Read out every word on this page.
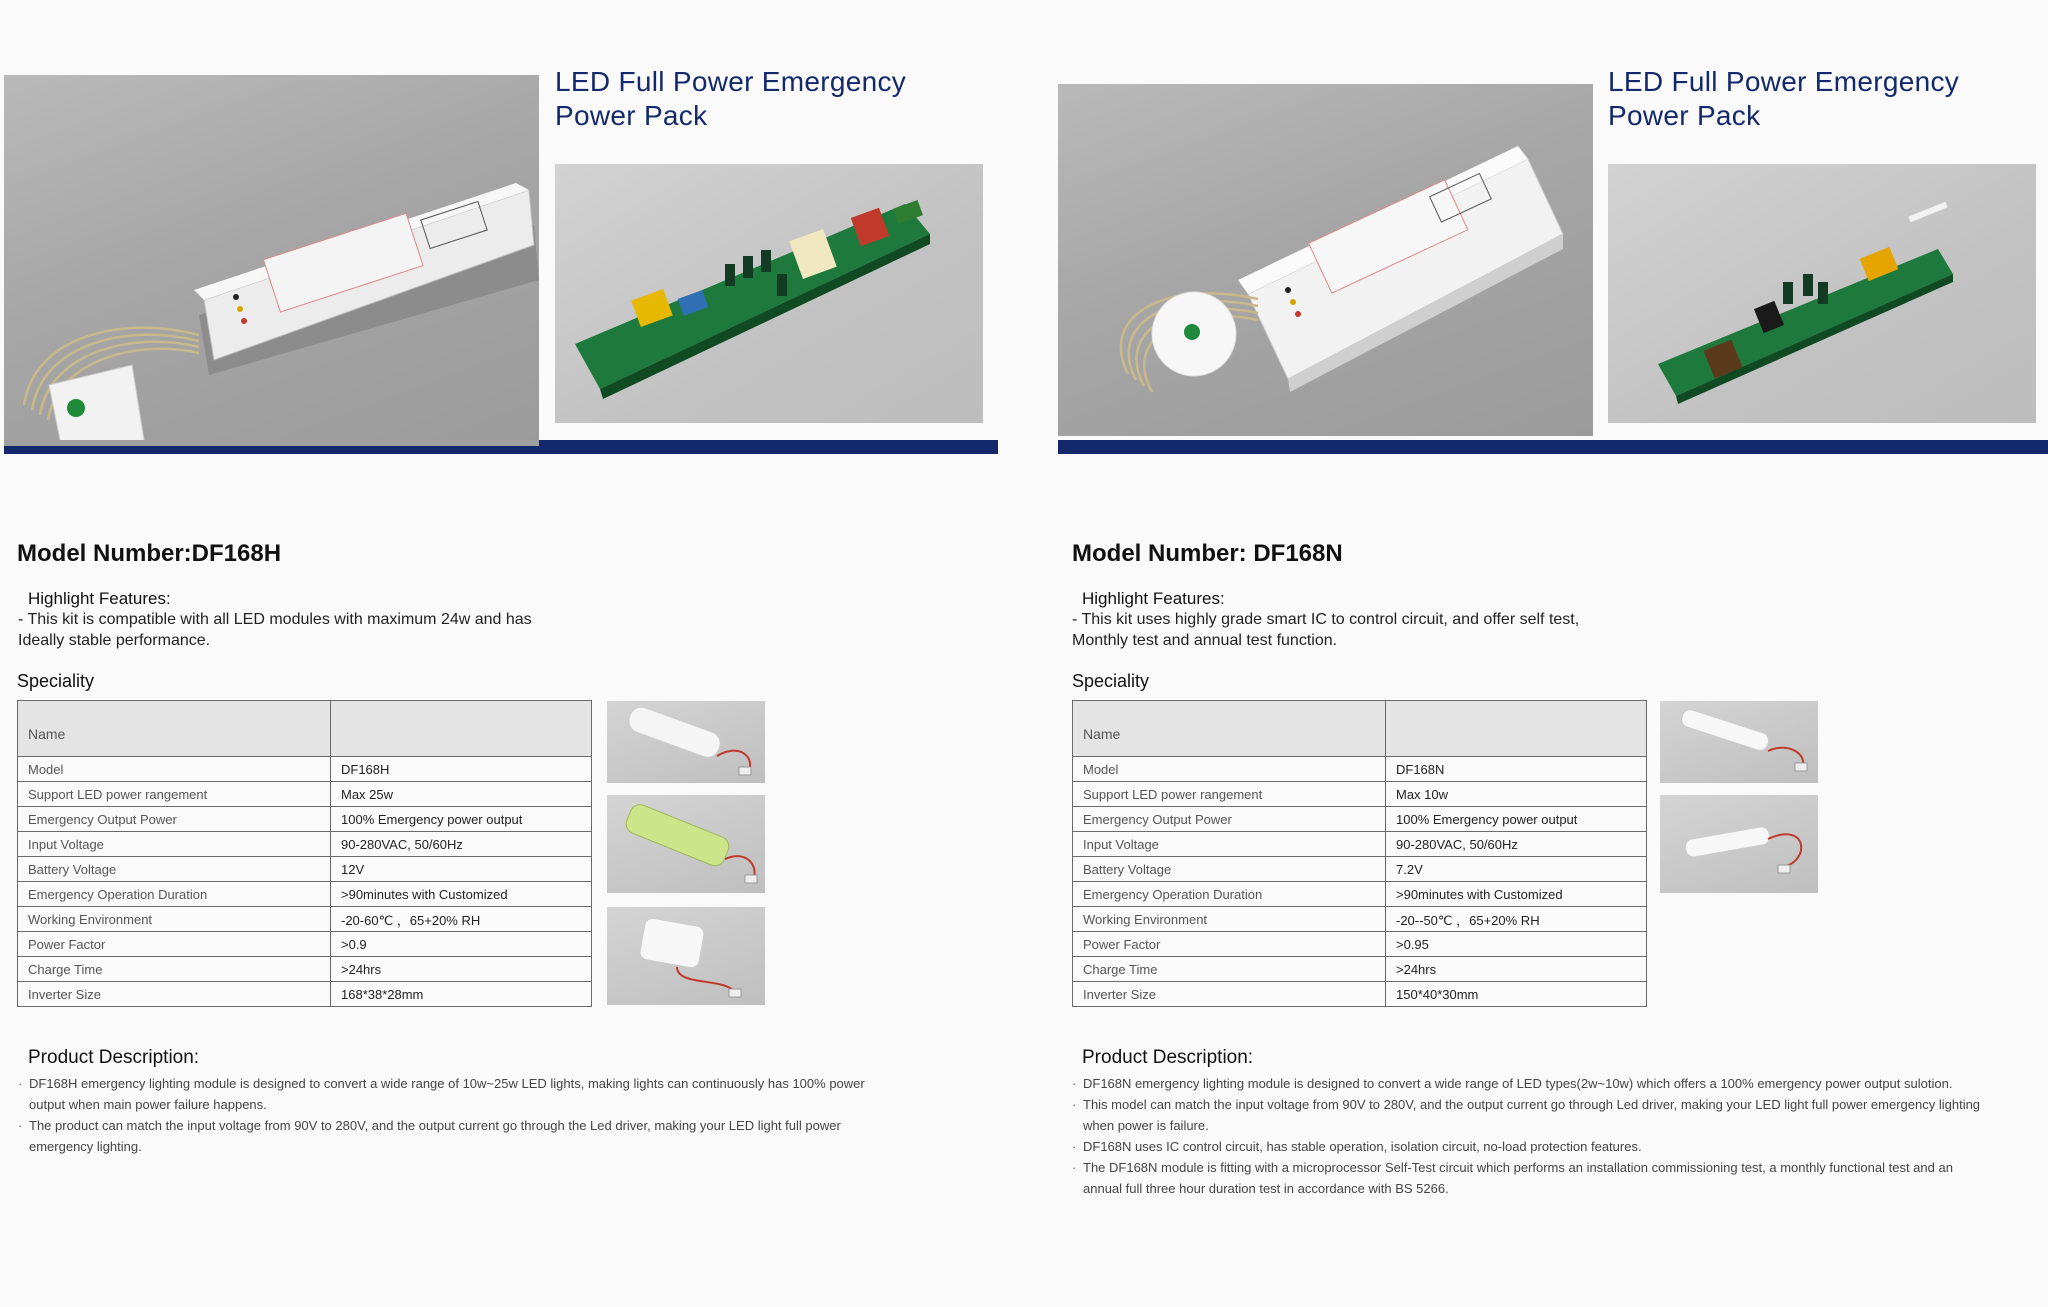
LED Full Power Emergency Power Pack
Model Number:DF168H
Highlight Features:
- This kit is compatible with all LED modules with maximum 24w and has
Ideally stable performance.
Speciality
Name	
Model	DF168H
Support LED power rangement	Max 25w
Emergency Output Power	100% Emergency power output
Input Voltage	90-280VAC, 50/60Hz
Battery Voltage	12V
Emergency Operation Duration	>90minutes with Customized
Working Environment	-20-60℃ ，65+20% RH
Power Factor	>0.9
Charge Time	>24hrs
Inverter Size	168*38*28mm
Product Description:
· DF168H emergency lighting module is designed to convert a wide range of 10w~25w LED lights, making lights can continuously has 100% power output when main power failure happens.
· The product can match the input voltage from 90V to 280V, and the output current go through the Led driver, making your LED light full power emergency lighting.
LED Full Power Emergency Power Pack
Model Number: DF168N
Highlight Features:
- This kit uses highly grade smart IC to control circuit, and offer self test,
Monthly test and annual test function.
Speciality
Name	
Model	DF168N
Support LED power rangement	Max 10w
Emergency Output Power	100% Emergency power output
Input Voltage	90-280VAC, 50/60Hz
Battery Voltage	7.2V
Emergency Operation Duration	>90minutes with Customized
Working Environment	-20--50℃ ，65+20% RH
Power Factor	>0.95
Charge Time	>24hrs
Inverter Size	150*40*30mm
Product Description:
· DF168N emergency lighting module is designed to convert a wide range of LED types(2w~10w) which offers a 100% emergency power output sulotion.
· This model can match the input voltage from 90V to 280V, and the output current go through Led driver, making your LED light full power emergency lighting when power is failure.
· DF168N uses IC control circuit, has stable operation, isolation circuit, no-load protection features.
· The DF168N module is fitting with a microprocessor Self-Test circuit which performs an installation commissioning test, a monthly functional test and an annual full three hour duration test in accordance with BS 5266.
